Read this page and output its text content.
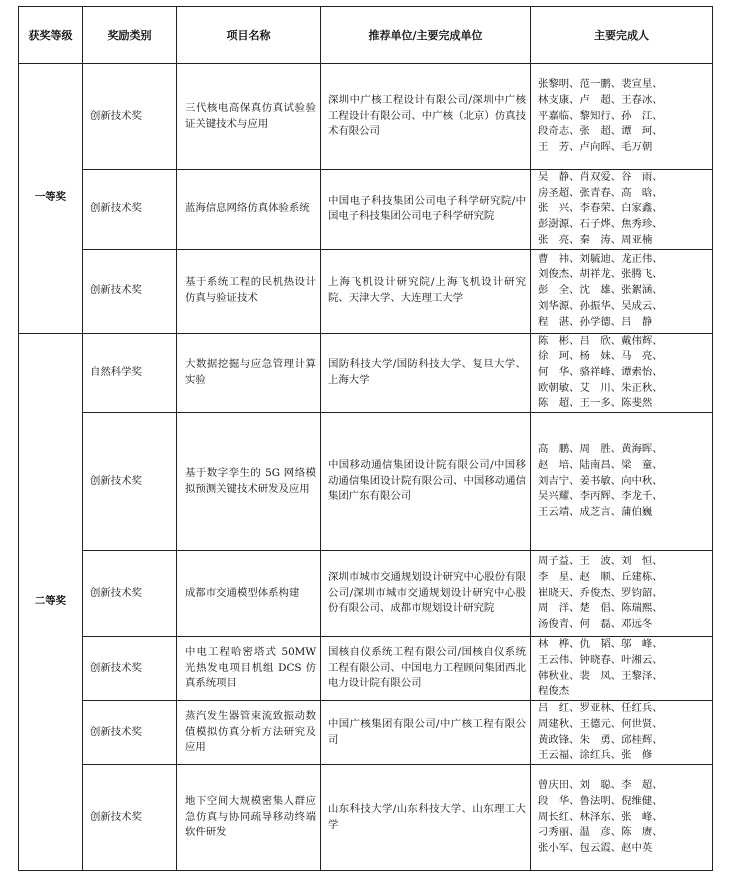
获奖等级	奖励类别	项目名称	推荐单位/主要完成单位	主要完成人
一等奖	创新技术奖	三代核电高保真仿真试验验证关键技术与应用	深圳中广核工程设计有限公司/深圳中广核工程设计有限公司、中广核（北京）仿真技术有限公司	张黎明、范一鹏、裴宣星、
林支康、卢　超、王春冰、
平嘉临、黎知行、孙　江、
段奇志、张　超、谭　珂、
王　芳、卢向晖、毛万朝

	创新技术奖	蓝海信息网络仿真体验系统	中国电子科技集团公司电子科学研究院/中国电子科技集团公司电子科学研究院	吴　静、肖双爱、谷　雨、
房圣超、张青春、高　晗、
张　兴、李春荣、白家鑫、
彭澍源、石子烨、焦秀珍、
张　亮、秦　涛、周亚楠

	创新技术奖	基于系统工程的民机热设计仿真与验证技术	上海飞机设计研究院/上海飞机设计研究院、天津大学、大连理工大学	曹　祎、刘毓迪、龙正伟、
刘俊杰、胡祥龙、张腾飞、
彭　全、沈　雄、张絮涵、
刘华源、孙振华、吴成云、
程　湛、孙学德、吕　静

二等奖	自然科学奖	大数据挖掘与应急管理计算实验	国防科技大学/国防科技大学、复旦大学、上海大学	陈　彬、吕　欣、戴伟辉、
徐　珂、杨　妹、马　亮、
何　华、骆祥峰、谭索怡、
欧朝敏、艾　川、朱正秋、
陈　超、王一多、陈斐然

	创新技术奖	基于数字孪生的 5G 网络模拟预测关键技术研发及应用	中国移动通信集团设计院有限公司/中国移动通信集团设计院有限公司、中国移动通信集团广东有限公司	高　鹏、周　胜、黄海晖、
赵　培、陆南昌、梁　童、
刘吉宁、姜书敏、向中秋、
吴兴耀、李丙辉、李龙千、
王云靖、成芝言、蒲伯巍

	创新技术奖	成都市交通模型体系构建	深圳市城市交通规划设计研究中心股份有限公司/深圳市城市交通规划设计研究中心股份有限公司、成都市规划设计研究院	周子益、王　波、刘　恒、
李　星、赵　顺、丘建栋、
崔晓天、乔俊杰、罗钧韶、
周　洋、楚　倡、陈瑞熙、
汤俊青、何　磊、邓远冬

	创新技术奖	中电工程哈密塔式 50MW 光热发电项目机组 DCS 仿真系统项目	国核自仪系统工程有限公司/国核自仪系统工程有限公司、中国电力工程顾问集团西北电力设计院有限公司	林　桦、仇　韬、邬　峰、
王云伟、钟晓春、叶湘云、
韩秋业、裴　凤、王黎泽、
程俊杰

	创新技术奖	蒸汽发生器管束流致振动数值模拟仿真分析方法研究及应用	中国广核集团有限公司/中广核工程有限公司	吕　红、罗亚林、任红兵、
周建秋、王德元、何世贤、
黄政锋、朱　勇、邱桂辉、
王云福、涂红兵、张　修

	创新技术奖	地下空间大规模密集人群应急仿真与协同疏导移动终端软件研发	山东科技大学/山东科技大学、山东理工大学	曾庆田、刘　聪、李　超、
段　华、鲁法明、倪维健、
周长红、林泽东、张　峰、
刁秀丽、温　彦、陈　赓、
张小军、包云霞、赵中英
